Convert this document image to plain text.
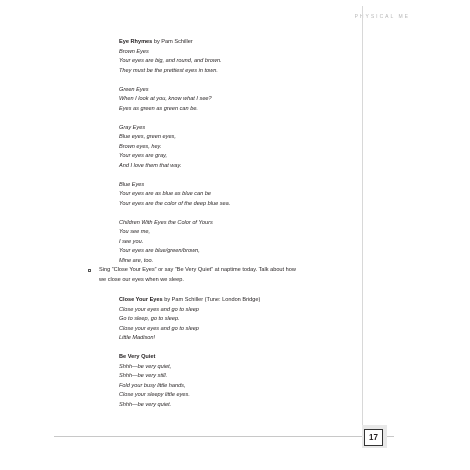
PHYSICAL ME
Eye Rhymes by Pam Schiller
Brown Eyes
Your eyes are big, and round, and brown.
They must be the prettiest eyes in town.
Green Eyes
When I look at you, know what I see?
Eyes as green as green can be.
Gray Eyes
Blue eyes, green eyes,
Brown eyes, hey.
Your eyes are gray,
And I love them that way.
Blue Eyes
Your eyes are as blue as blue can be
Your eyes are the color of the deep blue sea.
Children With Eyes the Color of Yours
You see me,
I see you.
Your eyes are blue/green/brown,
Mine are, too.
Sing “Close Your Eyes” or say “Be Very Quiet” at naptime today. Talk about how
we close our eyes when we sleep.
Close Your Eyes by Pam Schiller (Tune: London Bridge)
Close your eyes and go to sleep
Go to sleep, go to sleep.
Close your eyes and go to sleep
Little Madison!
Be Very Quiet
Shhh—be very quiet,
Shhh—be very still.
Fold your busy little hands,
Close your sleepy little eyes.
Shhh—be very quiet.
17
